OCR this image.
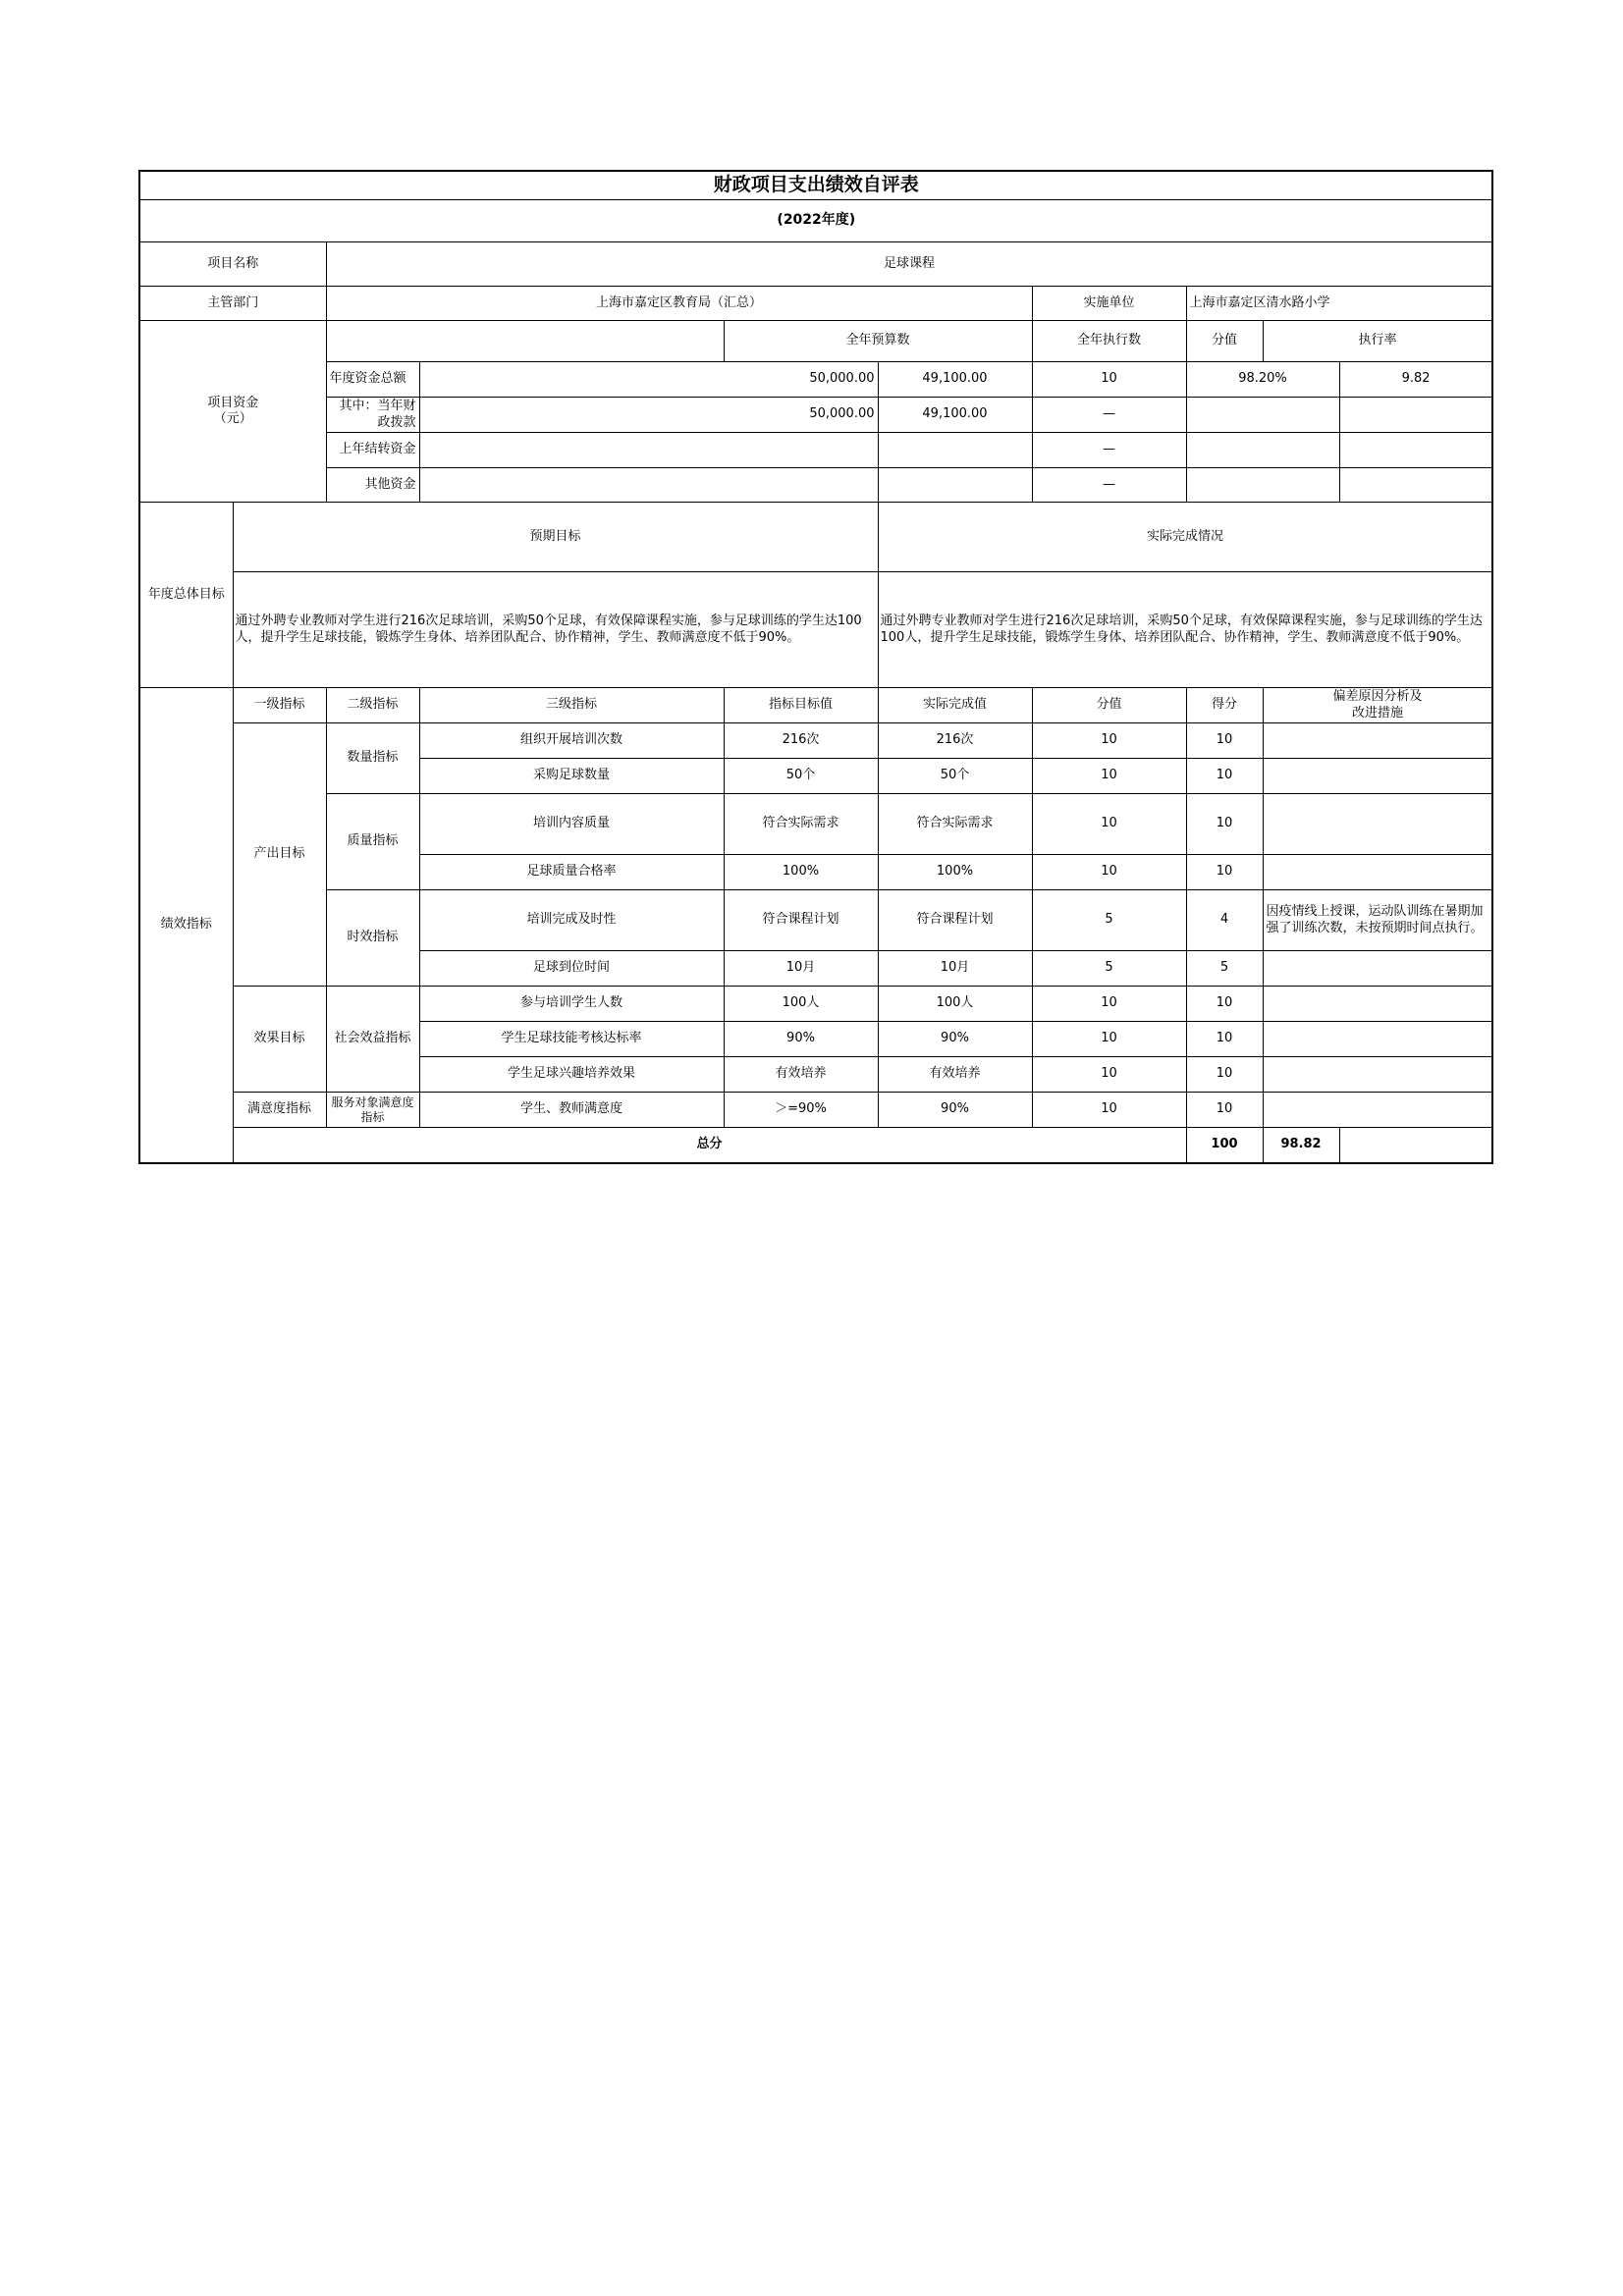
财政项目支出绩效自评表										
(2022年度)										
项目名称		足球课程								
主管部门		上海市嘉定区教育局（汇总）				实施单位	上海市嘉定区清水路小学			
项目资金
（元）				全年预算数		全年执行数	分值	执行率	
		年度资金总额	50,000.00		49,100.00	10	98.20%		9.82	
		其中：当年财政拨款	50,000.00		49,100.00	—				
		上年结转资金				—				
		其他资金				—				
年度总体目标	预期目标				实际完成情况					
	通过外聘专业教师对学生进行216次足球培训，采购50个足球，有效保障课程实施，参与足球训练的学生达100人，提升学生足球技能，锻炼学生身体、培养团队配合、协作精神，学生、教师满意度不低于90%。				通过外聘专业教师对学生进行216次足球培训，采购50个足球，有效保障课程实施，参与足球训练的学生达100人，提升学生足球技能，锻炼学生身体、培养团队配合、协作精神，学生、教师满意度不低于90%。					
绩效指标	一级指标	二级指标	三级指标	指标目标值	实际完成值	分值	得分	偏差原因分析及
改进措施		
	产出目标	数量指标	组织开展培训次数	216次	216次	10	10			
			采购足球数量	50个	50个	10	10			
		质量指标	培训内容质量	符合实际需求	符合实际需求	10	10			
			足球质量合格率	100%	100%	10	10			
		时效指标	培训完成及时性	符合课程计划	符合课程计划	5	4	因疫情线上授课，运动队训练在暑期加强了训练次数，未按预期时间点执行。		
			足球到位时间	10月	10月	5	5			
	效果目标	社会效益指标	参与培训学生人数	100人	100人	10	10			
			学生足球技能考核达标率	90%	90%	10	10			
			学生足球兴趣培养效果	有效培养	有效培养	10	10			
	满意度指标	服务对象满意度指标	学生、教师满意度	＞=90%	90%	10	10			
	总分						100	98.82		
